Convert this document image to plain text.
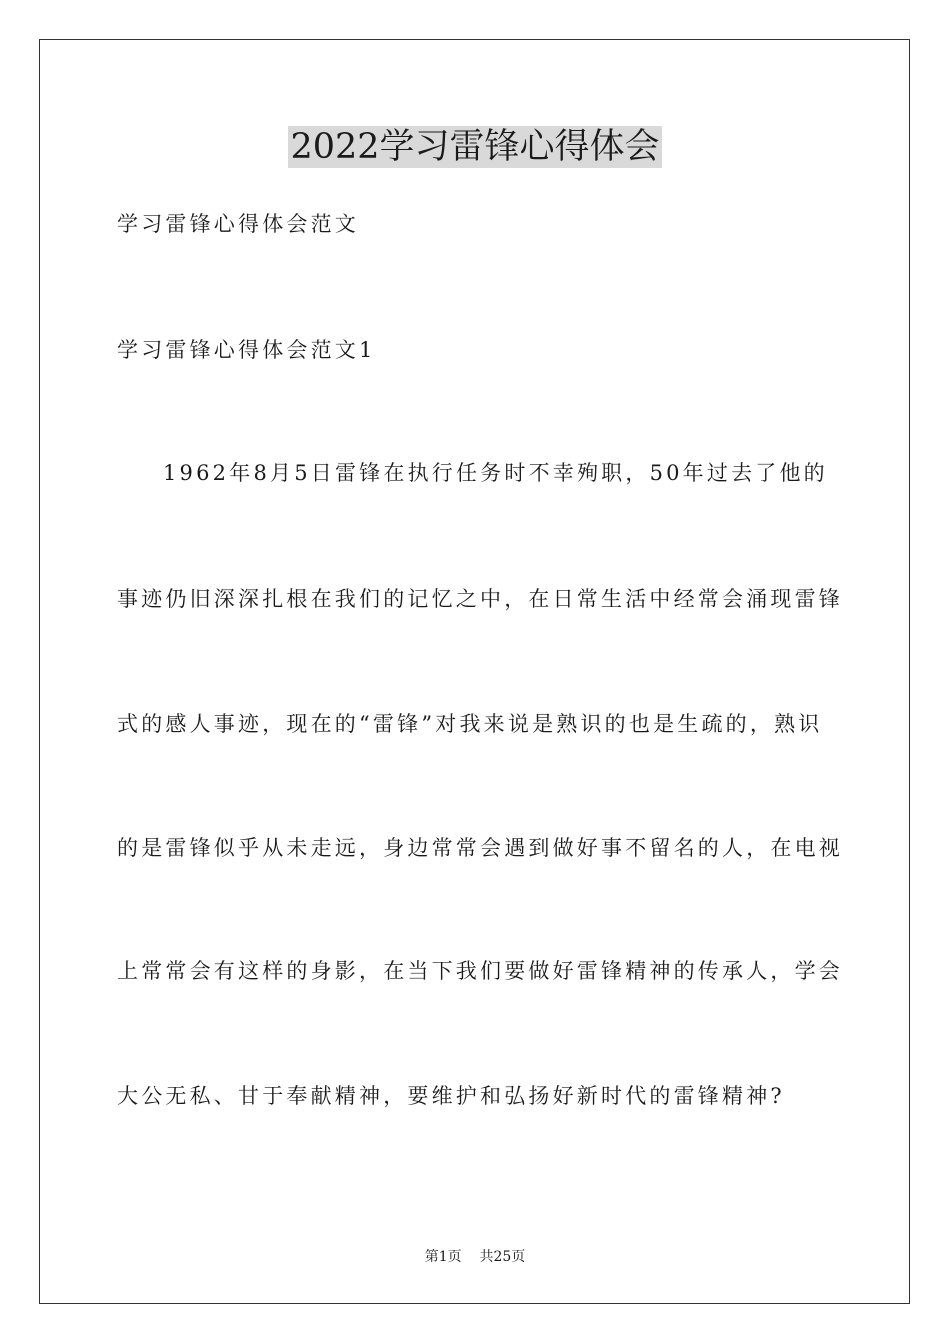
2022学习雷锋心得体会
学习雷锋心得体会范文
学习雷锋心得体会范文1
1962年8月5日雷锋在执行任务时不幸殉职，50年过去了他的
事迹仍旧深深扎根在我们的记忆之中，在日常生活中经常会涌现雷锋
式的感人事迹，现在的“雷锋”对我来说是熟识的也是生疏的，熟识
的是雷锋似乎从未走远，身边常常会遇到做好事不留名的人，在电视
上常常会有这样的身影，在当下我们要做好雷锋精神的传承人，学会
大公无私、甘于奉献精神，要维护和弘扬好新时代的雷锋精神?
第1页 共25页
